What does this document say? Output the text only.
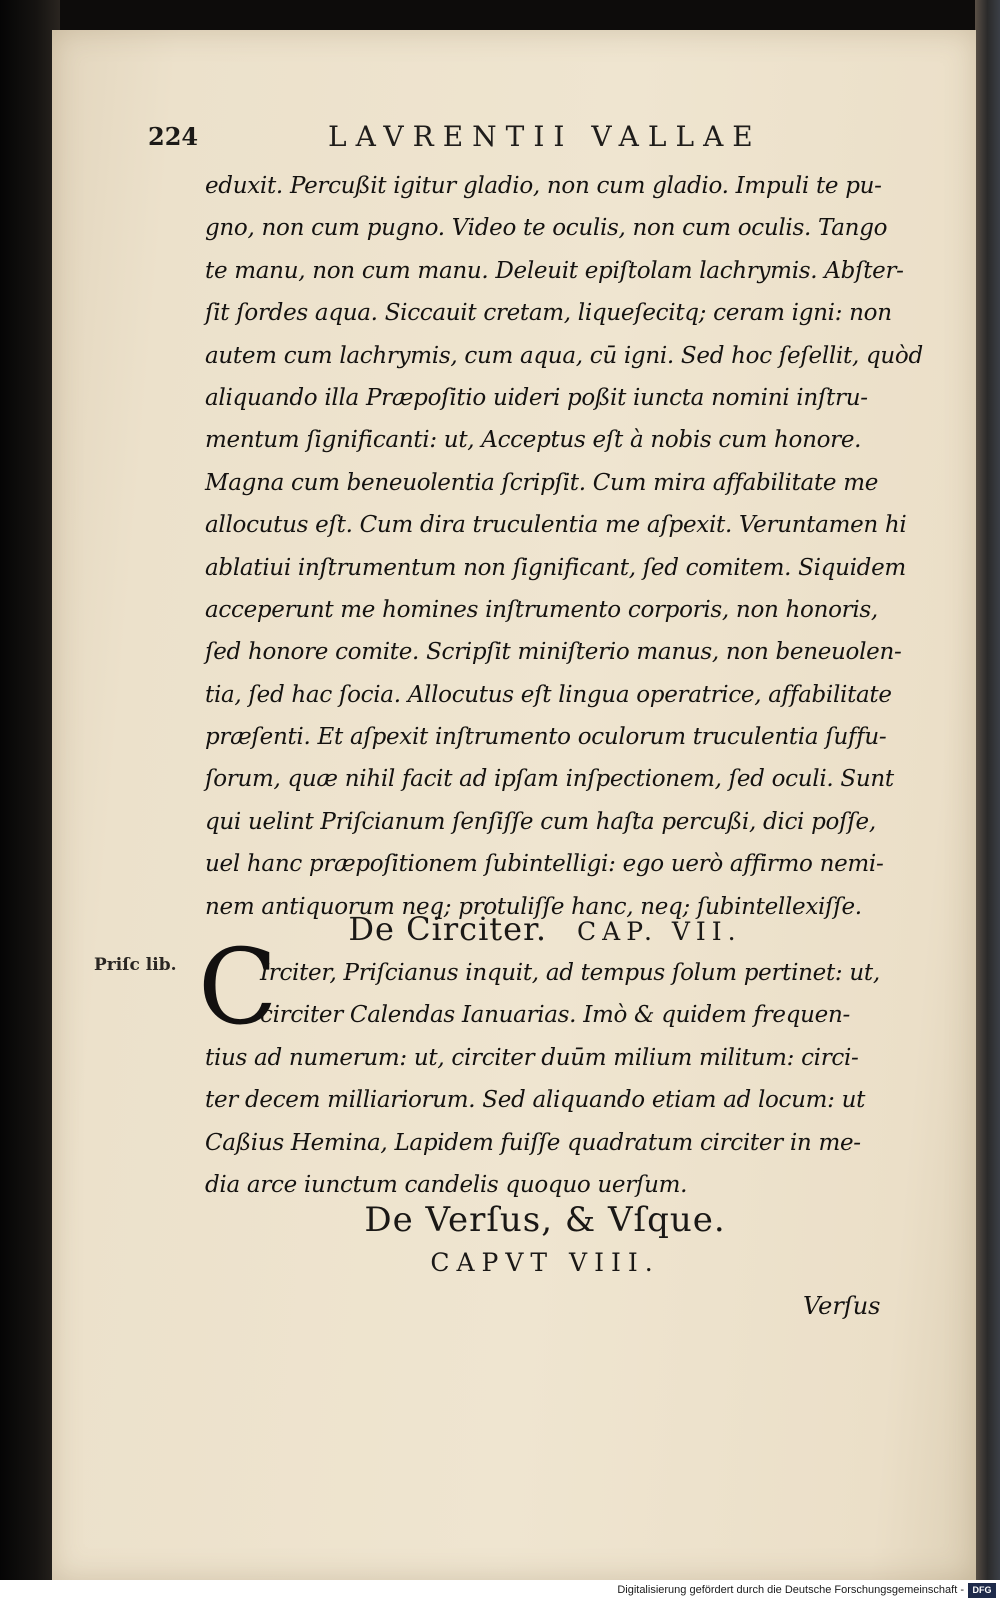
224	LAVRENTII VALLAE
eduxit. Percußit igitur gladio, non cum gladio. Impuli te pu-
gno, non cum pugno. Video te oculis, non cum oculis. Tango
te manu, non cum manu. Deleuit epiſtolam lachrymis. Abſter-
ſit ſordes aqua. Siccauit cretam, liqueſecitq; ceram igni: non
autem cum lachrymis, cum aqua, cū igni. Sed hoc ſeſellit, quòd
aliquando illa Præpoſitio uideri poßit iuncta nomini inſtru-
mentum ſignificanti: ut, Acceptus eſt à nobis cum honore.
Magna cum beneuolentia ſcripſit. Cum mira affabilitate me
allocutus eſt. Cum dira truculentia me aſpexit. Veruntamen hi
ablatiui inſtrumentum non ſignificant, ſed comitem. Siquidem
acceperunt me homines inſtrumento corporis, non honoris,
ſed honore comite. Scripſit miniſterio manus, non beneuolen-
tia, ſed hac ſocia. Allocutus eſt lingua operatrice, affabilitate
præſenti. Et aſpexit inſtrumento oculorum truculentia ſuffu-
ſorum, quæ nihil facit ad ipſam inſpectionem, ſed oculi. Sunt
qui uelint Priſcianum ſenſiſſe cum haſta percußi, dici poſſe,
uel hanc præpoſitionem ſubintelligi: ego uerò affirmo nemi-
nem antiquorum neq; protuliſſe hanc, neq; ſubintellexiſſe.
De Circiter. CAP. VII.
Priſc lib. C
Irciter, Priſcianus inquit, ad tempus ſolum pertinet: ut,
circiter Calendas Ianuarias. Imò & quidem frequen-
tius ad numerum: ut, circiter duūm milium militum: circi-
ter decem milliariorum. Sed aliquando etiam ad locum: ut
Caßius Hemina, Lapidem fuiſſe quadratum circiter in me-
dia arce iunctum candelis quoquo uerſum.
De Verſus, & Vſque.
CAPVT VIII.
Verſus
Digitalisierung gefördert durch die Deutsche Forschungsgemeinschaft - DFG
